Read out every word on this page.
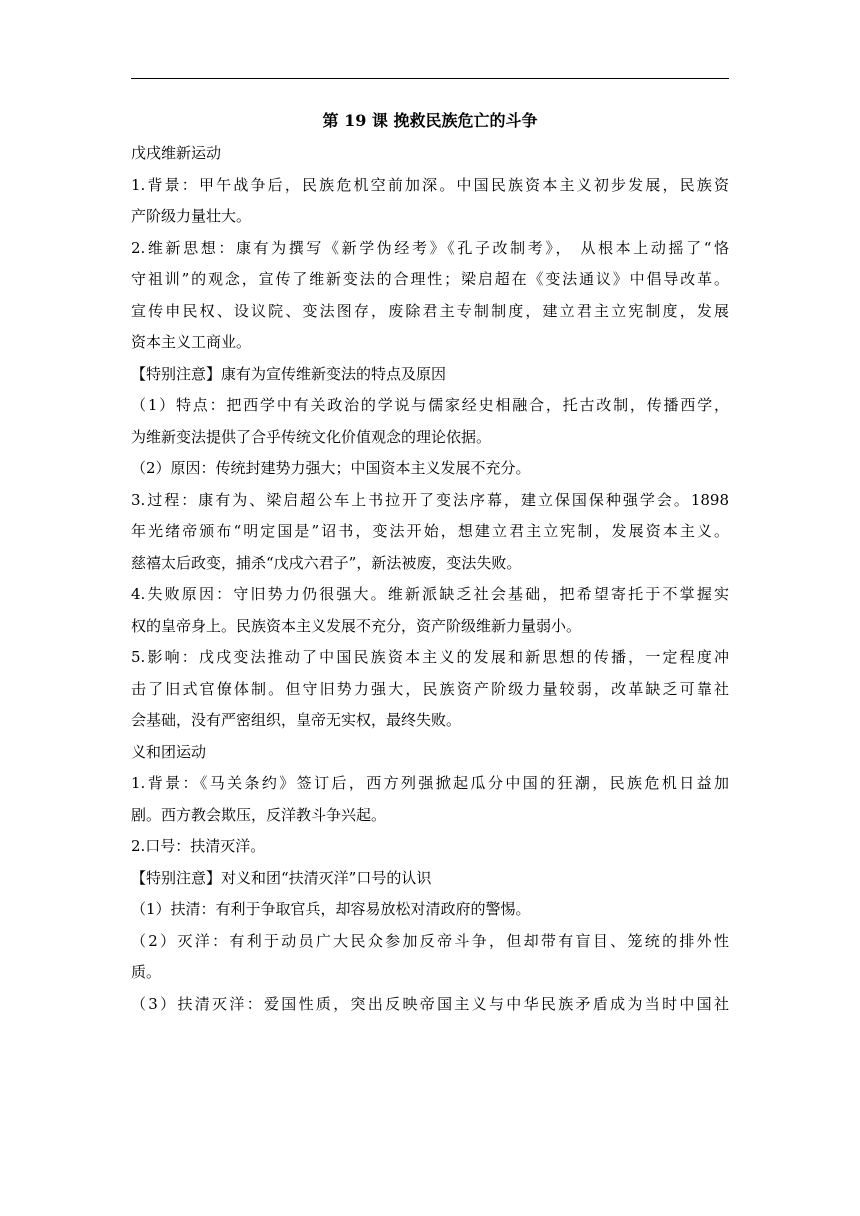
第 19 课 挽救民族危亡的斗争
戊戌维新运动
1.背景：甲午战争后，民族危机空前加深。中国民族资本主义初步发展，民族资
产阶级力量壮大。
2.维新思想：康有为撰写《新学伪经考》《孔子改制考》， 从根本上动摇了“恪
守祖训”的观念，宣传了维新变法的合理性；梁启超在《变法通议》中倡导改革。
宣传申民权、设议院、变法图存，废除君主专制制度，建立君主立宪制度，发展
资本主义工商业。
【特别注意】康有为宣传维新变法的特点及原因
（1）特点：把西学中有关政治的学说与儒家经史相融合，托古改制，传播西学，
为维新变法提供了合乎传统文化价值观念的理论依据。
（2）原因：传统封建势力强大；中国资本主义发展不充分。
3.过程：康有为、梁启超公车上书拉开了变法序幕，建立保国保种强学会。1898
年光绪帝颁布“明定国是”诏书，变法开始，想建立君主立宪制，发展资本主义。
慈禧太后政变，捕杀“戊戌六君子”，新法被废，变法失败。
4.失败原因：守旧势力仍很强大。维新派缺乏社会基础，把希望寄托于不掌握实
权的皇帝身上。民族资本主义发展不充分，资产阶级维新力量弱小。
5.影响：戊戌变法推动了中国民族资本主义的发展和新思想的传播，一定程度冲
击了旧式官僚体制。但守旧势力强大，民族资产阶级力量较弱，改革缺乏可靠社
会基础，没有严密组织，皇帝无实权，最终失败。
义和团运动
1.背景：《马关条约》签订后，西方列强掀起瓜分中国的狂潮，民族危机日益加
剧。西方教会欺压，反洋教斗争兴起。
2.口号：扶清灭洋。
【特别注意】对义和团“扶清灭洋”口号的认识
（1）扶清：有利于争取官兵，却容易放松对清政府的警惕。
（2）灭洋：有利于动员广大民众参加反帝斗争，但却带有盲目、笼统的排外性
质。
（3）扶清灭洋：爱国性质，突出反映帝国主义与中华民族矛盾成为当时中国社
